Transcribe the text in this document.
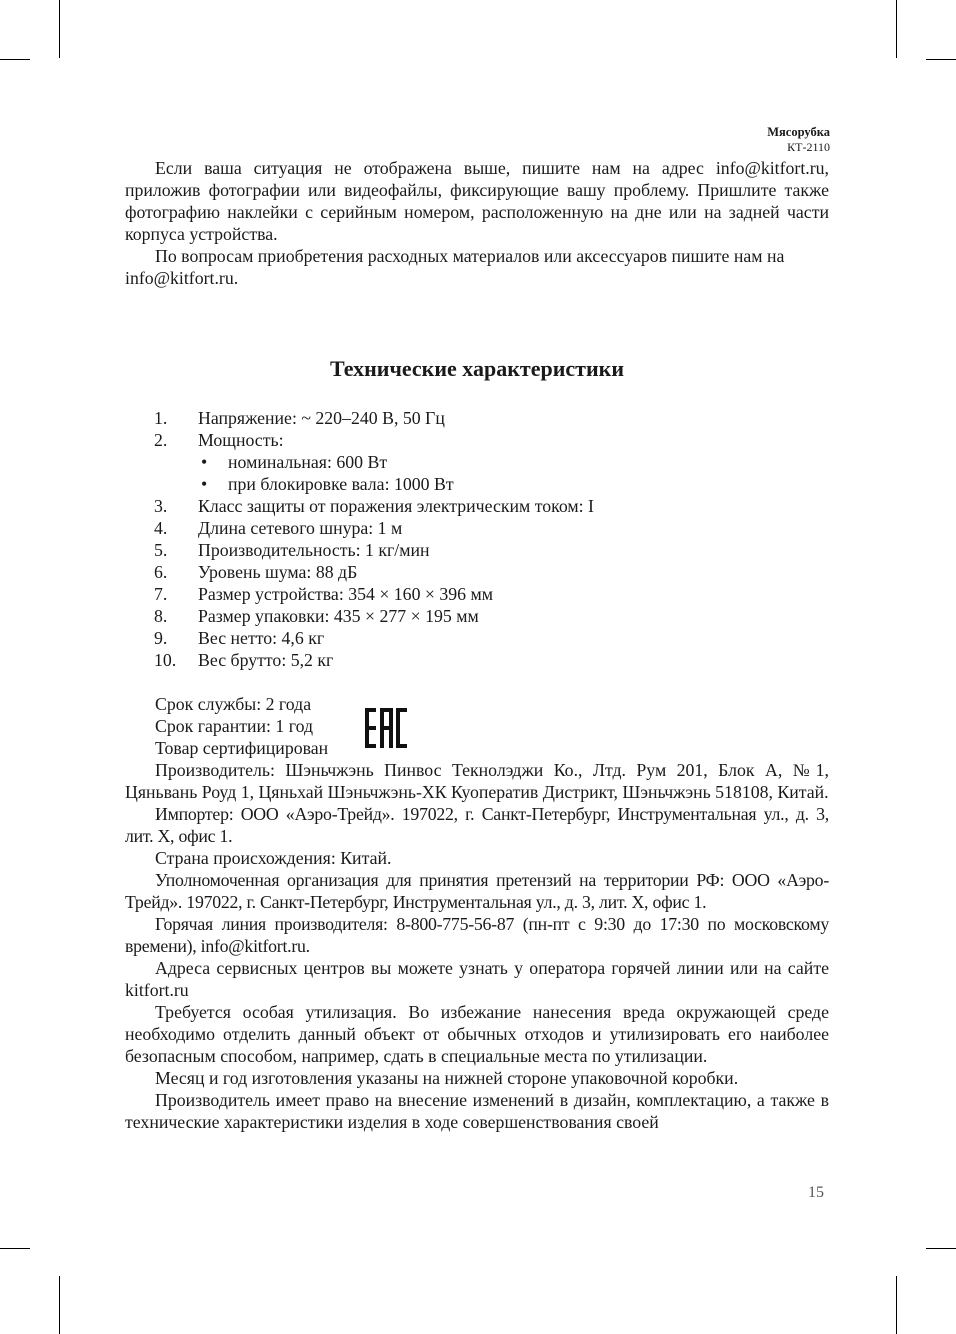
Мясорубка
КТ-2110

Если ваша ситуация не отображена выше, пишите нам на адрес info@kitfort.ru, приложив фотографии или видеофайлы, фиксирующие вашу проблему. Пришлите также фотографию наклейки с серийным номером, расположенную на дне или на задней части корпуса устройства.

По вопросам приобретения расходных материалов или аксессуаров пишите нам на info@kitfort.ru.

Технические характеристики
1. Напряжение: ~ 220–240 В, 50 Гц
2. Мощность:
• номинальная: 600 Вт
• при блокировке вала: 1000 Вт
3. Класс защиты от поражения электрическим током: I
4. Длина сетевого шнура: 1 м
5. Производительность: 1 кг/мин
6. Уровень шума: 88 дБ
7. Размер устройства: 354 × 160 × 396 мм
8. Размер упаковки: 435 × 277 × 195 мм
9. Вес нетто: 4,6 кг
10. Вес брутто: 5,2 кг
Срок службы: 2 года
Срок гарантии: 1 год
Товар сертифицирован

Производитель: Шэньчжэнь Пинвос Текнолэджи Ко., Лтд. Рум 201, Блок А, №1, Цяньвань Роуд 1, Цяньхай Шэньчжэнь-ХК Куоператив Дистрикт, Шэньчжэнь 518108, Китай.

Импортер: ООО «Аэро-Трейд». 197022, г. Санкт-Петербург, Инструментальная ул., д. 3, лит. Х, офис 1.

Страна происхождения: Китай.

Уполномоченная организация для принятия претензий на территории РФ: ООО «Аэро-Трейд». 197022, г. Санкт-Петербург, Инструментальная ул., д. 3, лит. Х, офис 1.

Горячая линия производителя: 8-800-775-56-87 (пн-пт с 9:30 до 17:30 по московскому времени), info@kitfort.ru.

Адреса сервисных центров вы можете узнать у оператора горячей линии или на сайте kitfort.ru

Требуется особая утилизация. Во избежание нанесения вреда окружающей среде необходимо отделить данный объект от обычных отходов и утилизировать его наиболее безопасным способом, например, сдать в специальные места по утилизации.

Месяц и год изготовления указаны на нижней стороне упаковочной коробки.

Производитель имеет право на внесение изменений в дизайн, комплектацию, а также в технические характеристики изделия в ходе совершенствования своей

15
